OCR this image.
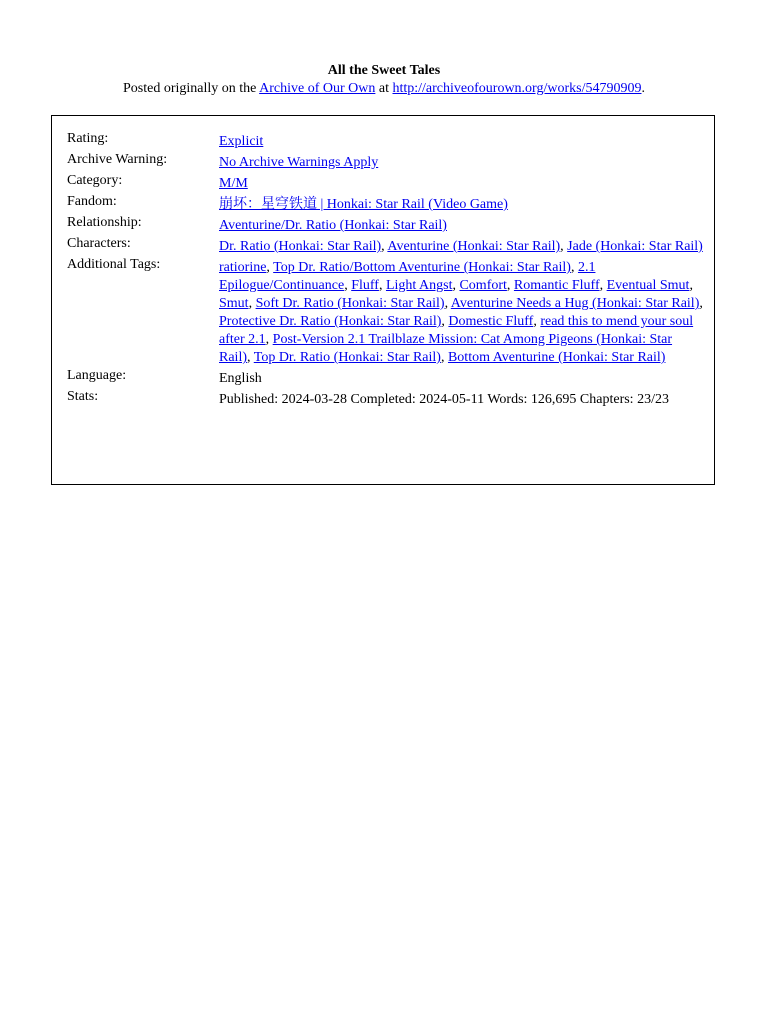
All the Sweet Tales
Posted originally on the Archive of Our Own at http://archiveofourown.org/works/54790909.
Rating:	Explicit
Archive Warning:	No Archive Warnings Apply
Category:	M/M
Fandom:	崩坏：星穹铁道 | Honkai: Star Rail (Video Game)
Relationship:	Aventurine/Dr. Ratio (Honkai: Star Rail)
Characters:	Dr. Ratio (Honkai: Star Rail), Aventurine (Honkai: Star Rail), Jade (Honkai: Star Rail)
Additional Tags:	ratiorine, Top Dr. Ratio/Bottom Aventurine (Honkai: Star Rail), 2.1 Epilogue/Continuance, Fluff, Light Angst, Comfort, Romantic Fluff, Eventual Smut, Smut, Soft Dr. Ratio (Honkai: Star Rail), Aventurine Needs a Hug (Honkai: Star Rail), Protective Dr. Ratio (Honkai: Star Rail), Domestic Fluff, read this to mend your soul after 2.1, Post-Version 2.1 Trailblaze Mission: Cat Among Pigeons (Honkai: Star Rail), Top Dr. Ratio (Honkai: Star Rail), Bottom Aventurine (Honkai: Star Rail)
Language:	English
Stats:	Published: 2024-03-28 Completed: 2024-05-11 Words: 126,695 Chapters: 23/23
